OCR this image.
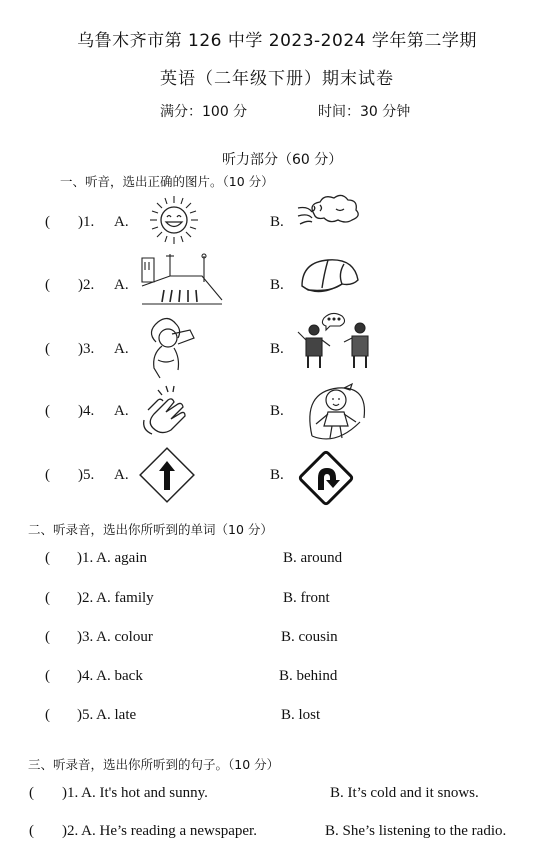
乌鲁木齐市第 126 中学 2023-2024 学年第二学期
英语（二年级下册）期末试卷
满分：100 分	时间：30 分钟
听力部分（60 分）
一、听音，选出正确的图片。（10 分）
( )1. A.	B.
( )2. A.	B.
( )3. A.	B.
( )4. A.	B.
( )5. A.	B.
二、听录音，选出你所听到的单词（10 分）
( )1. A. again	B. around
( )2. A. family	B. front
( )3. A. colour	B. cousin
( )4. A. back	B. behind
( )5. A. late	B. lost
三、听录音，选出你所听到的句子。（10 分）
( )1. A. It's hot and sunny.	B. It’s cold and it snows.
( )2. A. He’s reading a newspaper.	B. She’s listening to the radio.
